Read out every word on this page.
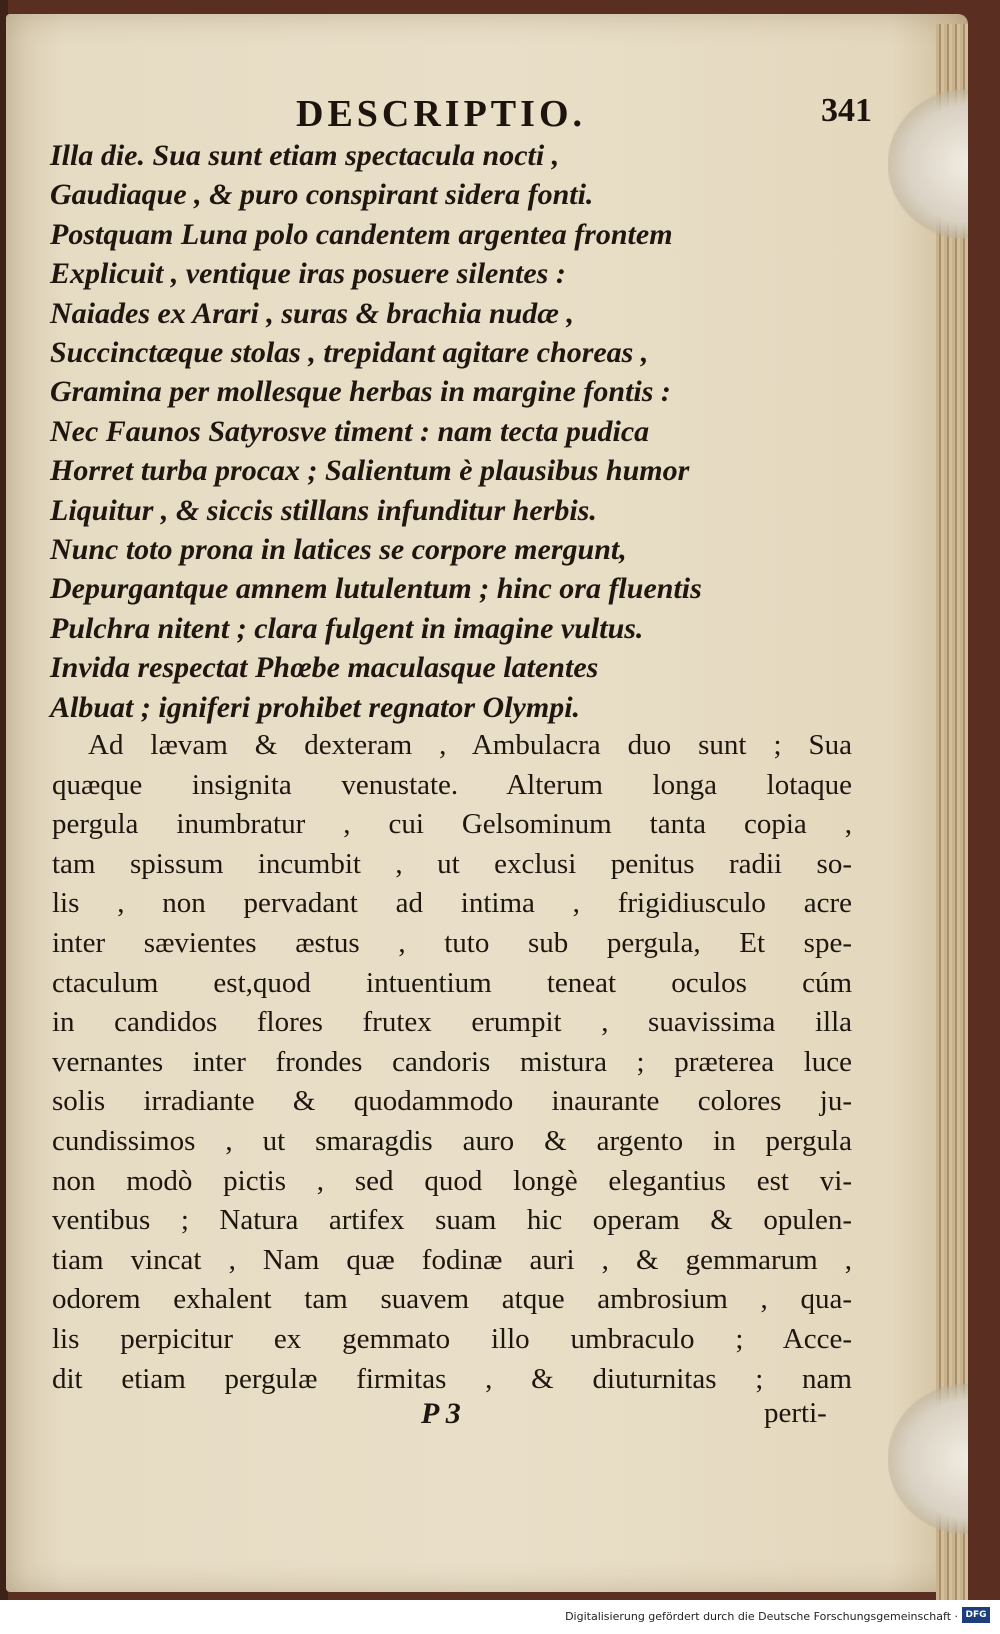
DESCRIPTIO.	341
Illa die. Sua sunt etiam spectacula nocti ,
Gaudiaque , & puro conspirant sidera fonti.
Postquam Luna polo candentem argentea frontem
Explicuit , ventique iras posuere silentes :
Naiades ex Arari , suras & brachia nudæ ,
Succinctæque stolas , trepidant agitare choreas ,
Gramina per mollesque herbas in margine fontis :
Nec Faunos Satyrosve timent : nam tecta pudica
Horret turba procax ; Salientum è plausibus humor
Liquitur , & siccis stillans infunditur herbis.
Nunc toto prona in latices se corpore mergunt,
Depurgantque amnem lutulentum ; hinc ora fluentis
Pulchra nitent ; clara fulgent in imagine vultus.
Invida respectat Phœbe maculasque latentes
Albuat ; igniferi prohibet regnator Olympi.
Ad lævam & dexteram , Ambulacra duo sunt ; Sua
quæque insignita venustate. Alterum longa lotaque
pergula inumbratur , cui Gelsominum tanta copia ,
tam spissum incumbit , ut exclusi penitus radii so-
lis , non pervadant ad intima , frigidiusculo acre
inter sævientes æstus , tuto sub pergula, Et spe-
ctaculum est,quod intuentium teneat oculos cúm
in candidos flores frutex erumpit , suavissima illa
vernantes inter frondes candoris mistura ; præterea luce
solis irradiante & quodammodo inaurante colores ju-
cundissimos , ut smaragdis auro & argento in pergula
non modò pictis , sed quod longè elegantius est vi-
ventibus ; Natura artifex suam hic operam & opulen-
tiam vincat , Nam quæ fodinæ auri , & gemmarum ,
odorem exhalent tam suavem atque ambrosium , qua-
lis perpicitur ex gemmato illo umbraculo ; Acce-
dit etiam pergulæ firmitas , & diuturnitas ; nam
P 3	perti-
Digitalisierung gefördert durch die Deutsche Forschungsgemeinschaft · DFG
